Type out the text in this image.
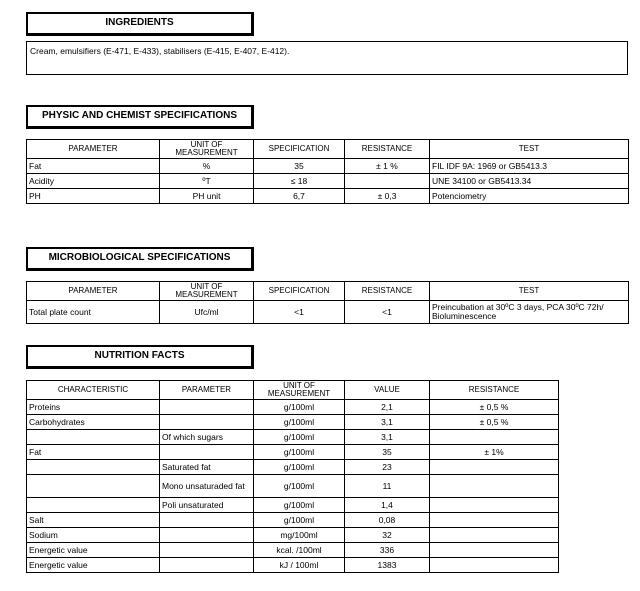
INGREDIENTS
Cream, emulsifiers (E-471, E-433), stabilisers (E-415, E-407, E-412).
PHYSIC AND CHEMIST SPECIFICATIONS
PARAMETER	UNIT OF MEASUREMENT	SPECIFICATION	RESISTANCE	TEST
Fat	%	35	± 1 %	FIL IDF 9A: 1969 or GB5413.3
Acidity	ºT	≤ 18		UNE 34100 or GB5413.34
PH	PH unit	6,7	± 0,3	Potenciometry
MICROBIOLOGICAL SPECIFICATIONS
PARAMETER	UNIT OF MEASUREMENT	SPECIFICATION	RESISTANCE	TEST
Total plate count	Ufc/ml	<1	<1	Preincubation at 30ºC 3 days, PCA 30ºC 72h/ Bioluminescence
NUTRITION FACTS
CHARACTERISTIC	PARAMETER	UNIT OF MEASUREMENT	VALUE	RESISTANCE
Proteins		g/100ml	2,1	± 0,5 %
Carbohydrates		g/100ml	3,1	± 0,5 %
	Of which sugars	g/100ml	3,1	
Fat		g/100ml	35	± 1%
	Saturated fat	g/100ml	23	
	Mono unsaturaded fat	g/100ml	11	
	Poli unsaturated	g/100ml	1,4	
Salt		g/100ml	0,08	
Sodium		mg/100ml	32	
Energetic value		kcal. /100ml	336	
Energetic value		kJ / 100ml	1383	
